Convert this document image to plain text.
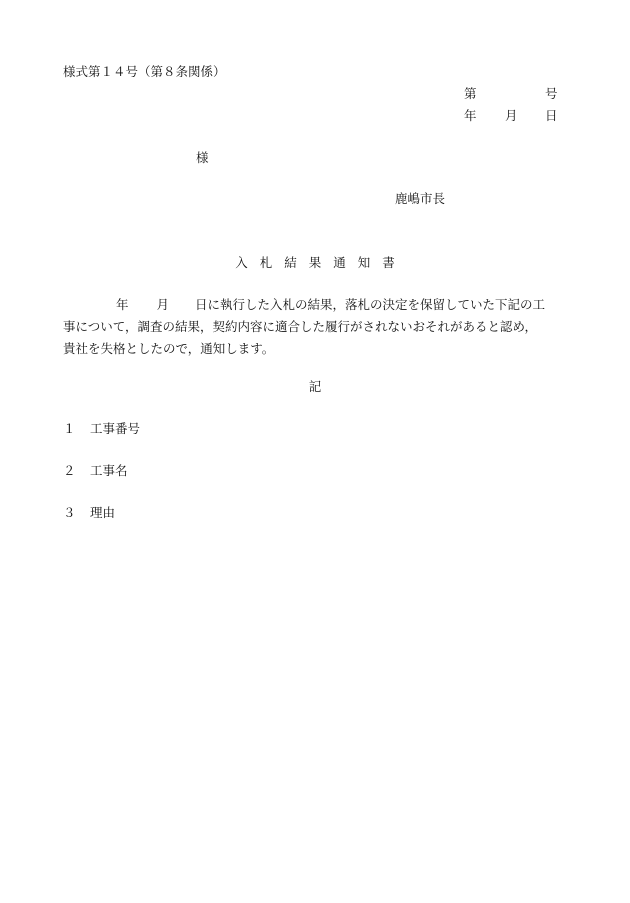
様式第１４号（第８条関係）
第	号
年 月 日
様
鹿嶋市長
入 札 結 果 通 知 書
年 月 日に執行した入札の結果，落札の決定を保留していた下記の工
事について，調査の結果，契約内容に適合した履行がされないおそれがあると認め，
貴社を失格としたので，通知します。
記
１ 工事番号
２ 工事名
３ 理由
